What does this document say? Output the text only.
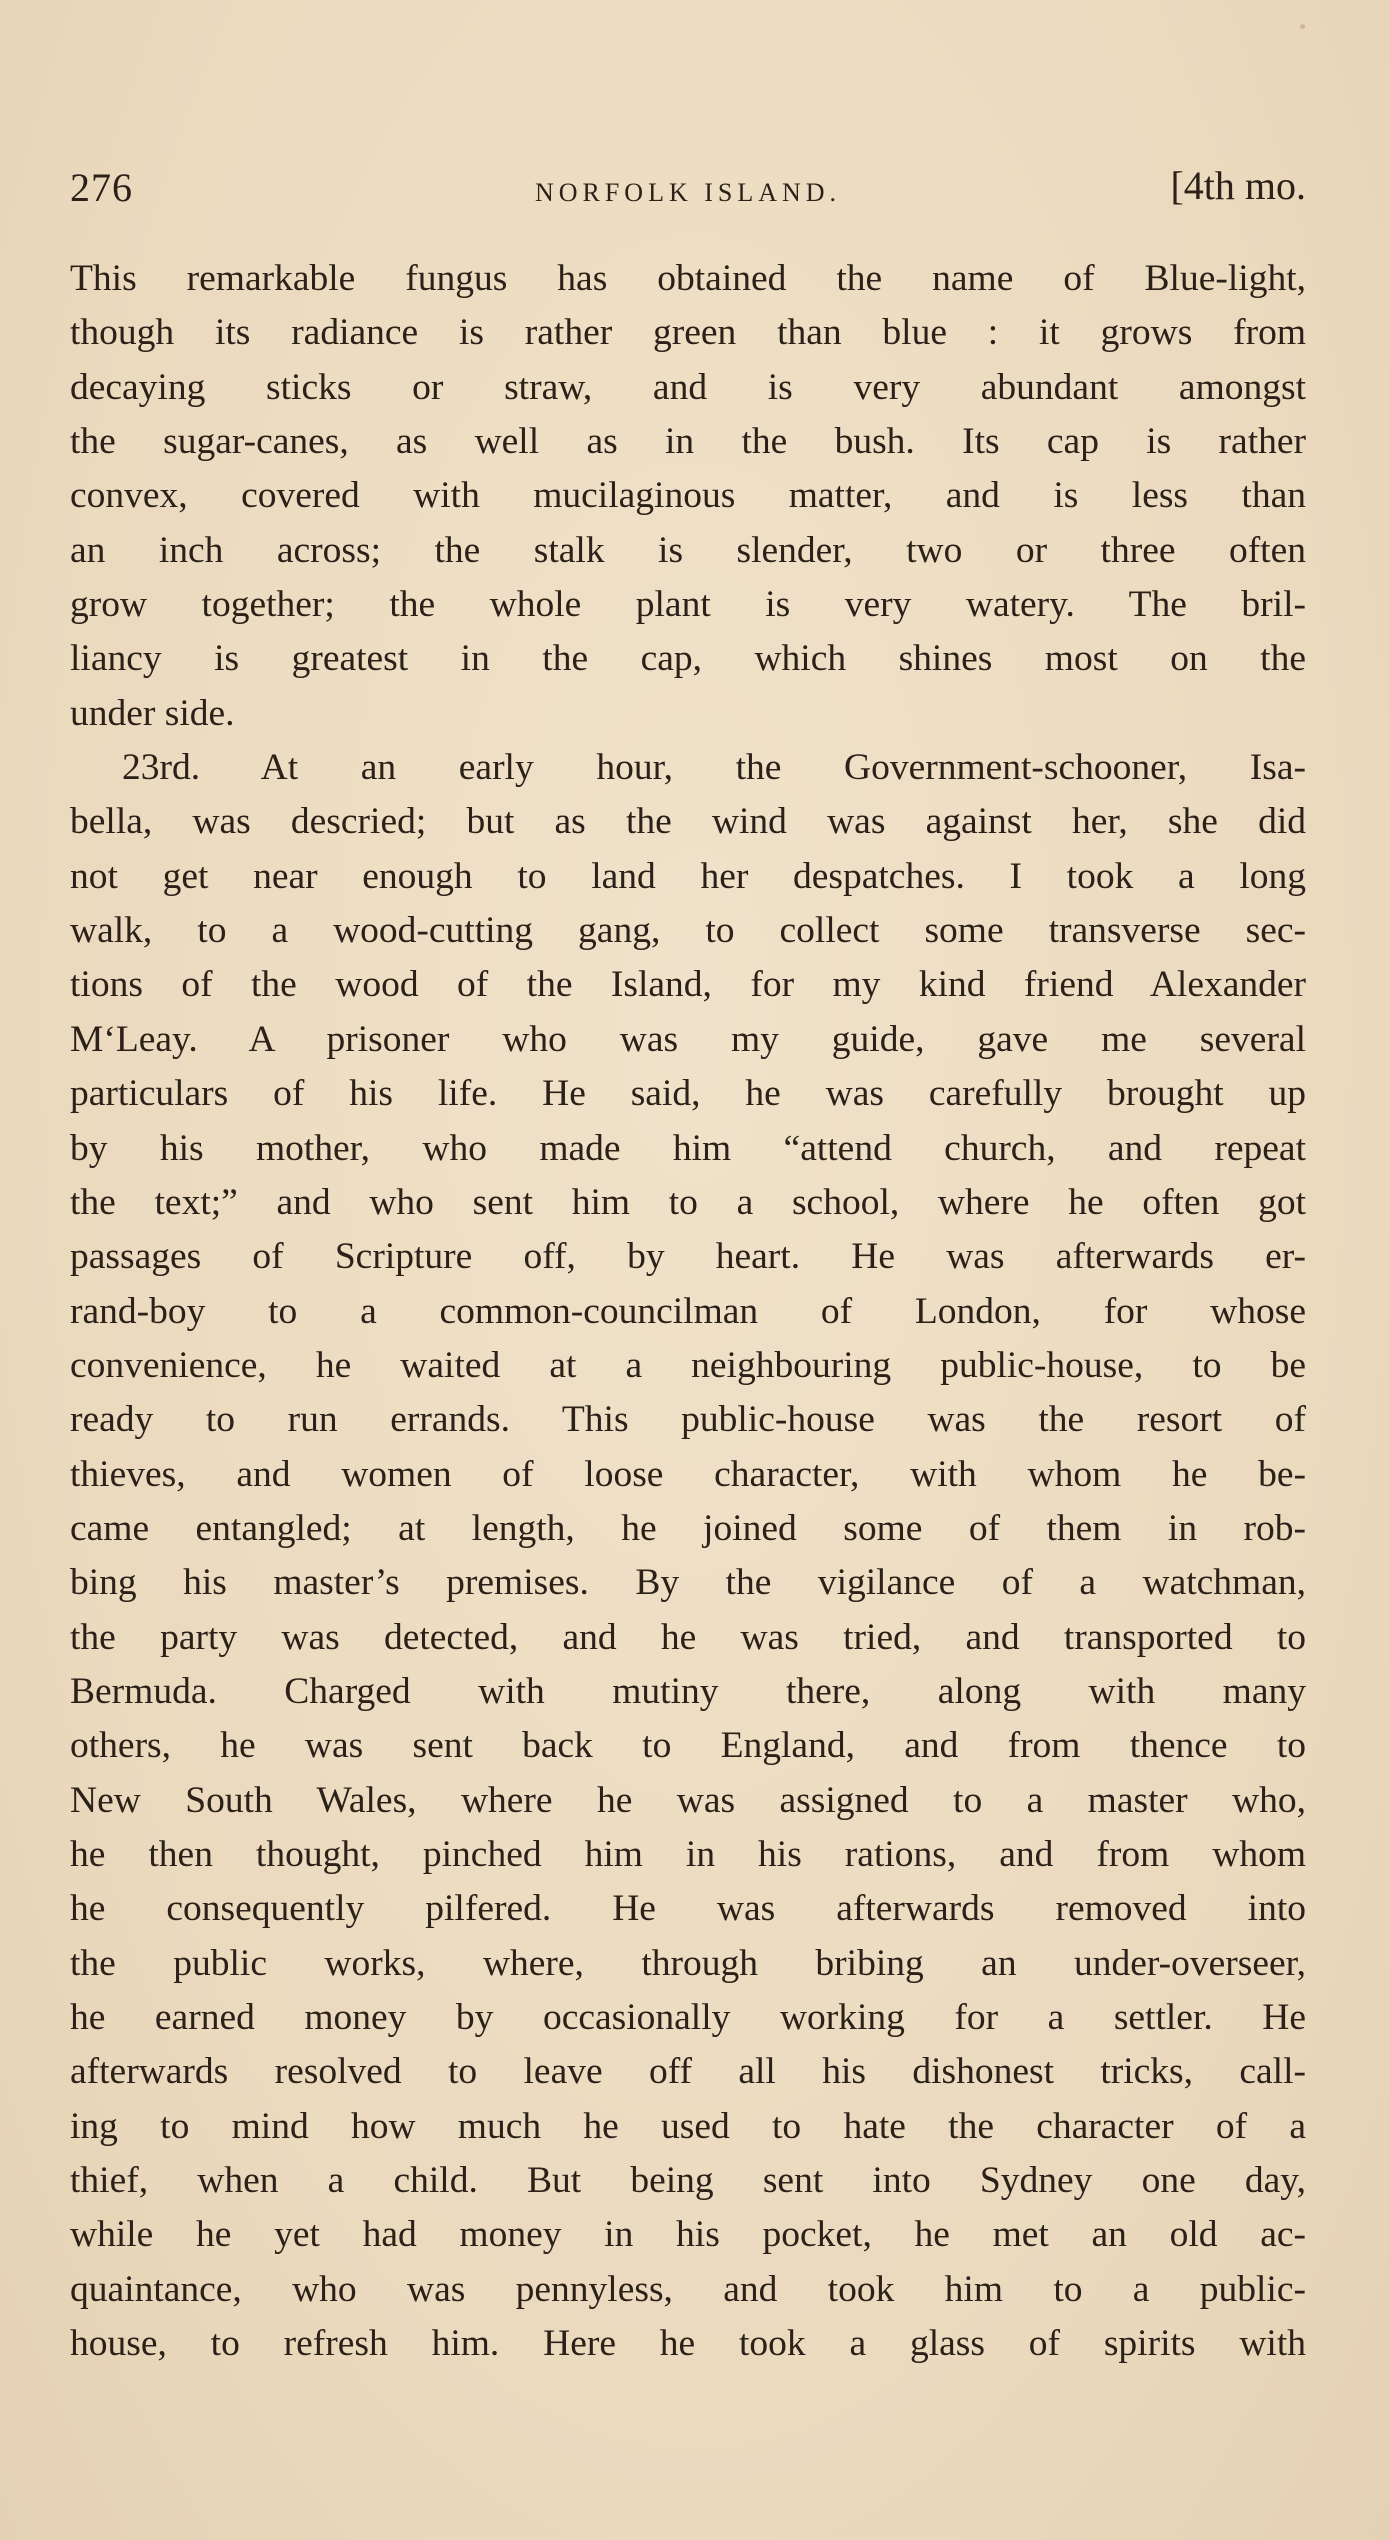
276	NORFOLK ISLAND.	[4th mo.
This remarkable fungus has obtained the name of Blue-light,
though its radiance is rather green than blue : it grows from
decaying sticks or straw, and is very abundant amongst
the sugar-canes, as well as in the bush. Its cap is rather
convex, covered with mucilaginous matter, and is less than
an inch across; the stalk is slender, two or three often
grow together; the whole plant is very watery. The bril-
liancy is greatest in the cap, which shines most on the
under side.
23rd. At an early hour, the Government-schooner, Isa-
bella, was descried; but as the wind was against her, she did
not get near enough to land her despatches. I took a long
walk, to a wood-cutting gang, to collect some transverse sec-
tions of the wood of the Island, for my kind friend Alexander
M‘Leay. A prisoner who was my guide, gave me several
particulars of his life. He said, he was carefully brought up
by his mother, who made him “attend church, and repeat
the text;” and who sent him to a school, where he often got
passages of Scripture off, by heart. He was afterwards er-
rand-boy to a common-councilman of London, for whose
convenience, he waited at a neighbouring public-house, to be
ready to run errands. This public-house was the resort of
thieves, and women of loose character, with whom he be-
came entangled; at length, he joined some of them in rob-
bing his master’s premises. By the vigilance of a watchman,
the party was detected, and he was tried, and transported to
Bermuda. Charged with mutiny there, along with many
others, he was sent back to England, and from thence to
New South Wales, where he was assigned to a master who,
he then thought, pinched him in his rations, and from whom
he consequently pilfered. He was afterwards removed into
the public works, where, through bribing an under-overseer,
he earned money by occasionally working for a settler. He
afterwards resolved to leave off all his dishonest tricks, call-
ing to mind how much he used to hate the character of a
thief, when a child. But being sent into Sydney one day,
while he yet had money in his pocket, he met an old ac-
quaintance, who was pennyless, and took him to a public-
house, to refresh him. Here he took a glass of spirits with
